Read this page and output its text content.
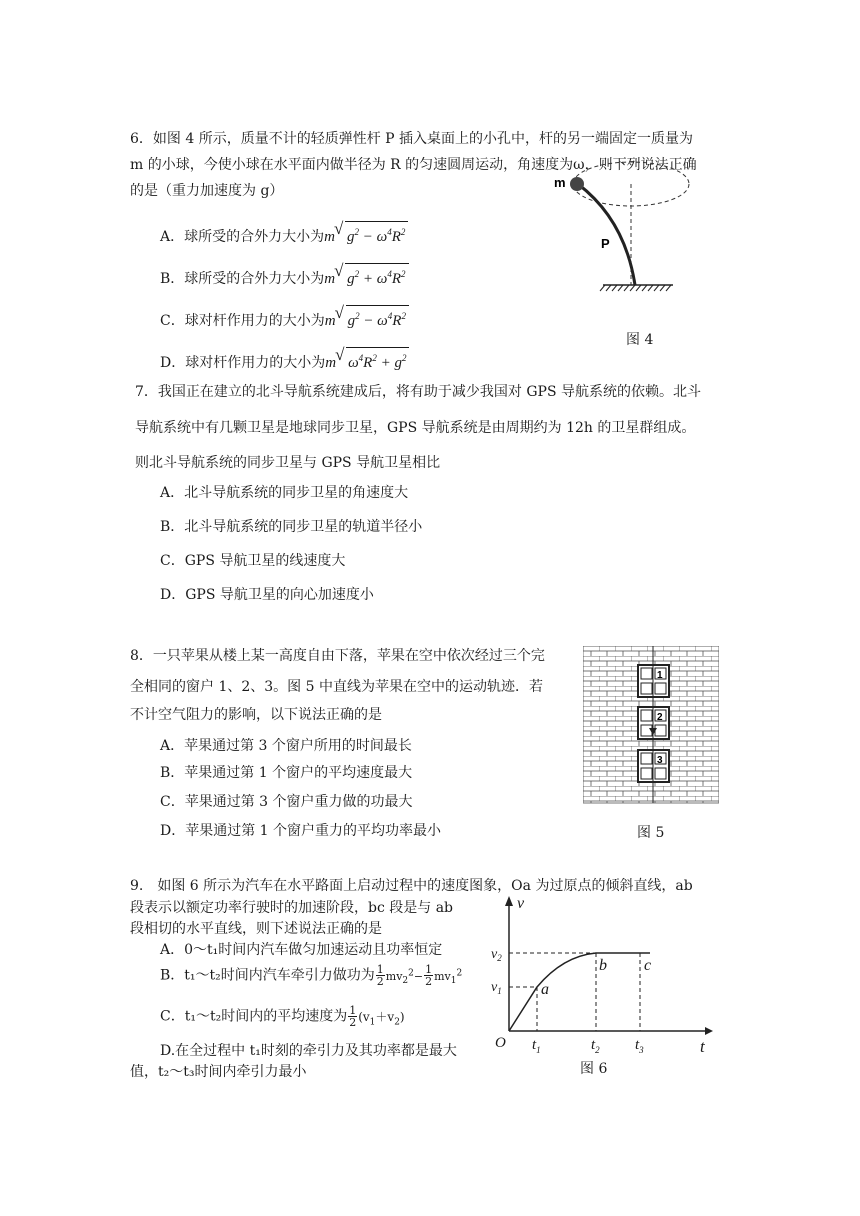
6．如图 4 所示，质量不计的轻质弹性杆 P 插入桌面上的小孔中，杆的另一端固定一质量为
m 的小球，今使小球在水平面内做半径为 R 的匀速圆周运动，角速度为ω，则下列说法正确
的是（重力加速度为 g）
A．球所受的合外力大小为m √ $g^2 - \omega^4R^2$
B．球所受的合外力大小为m √ $g^2 + \omega^4R^2$
C．球对杆作用力的大小为m √ $g^2 - \omega^4R^2$
D．球对杆作用力的大小为m √ $\omega^4R^2 + g^2$
m
P
图 4
7．我国正在建立的北斗导航系统建成后，将有助于减少我国对 GPS 导航系统的依赖。北斗
导航系统中有几颗卫星是地球同步卫星，GPS 导航系统是由周期约为 12h 的卫星群组成。
则北斗导航系统的同步卫星与 GPS 导航卫星相比
A．北斗导航系统的同步卫星的角速度大
B．北斗导航系统的同步卫星的轨道半径小
C．GPS 导航卫星的线速度大
D．GPS 导航卫星的向心加速度小
8．一只苹果从楼上某一高度自由下落，苹果在空中依次经过三个完
全相同的窗户 1、2、3。图 5 中直线为苹果在空中的运动轨迹．若
不计空气阻力的影响，以下说法正确的是
A．苹果通过第 3 个窗户所用的时间最长
B．苹果通过第 1 个窗户的平均速度最大
C．苹果通过第 3 个窗户重力做的功最大
D．苹果通过第 1 个窗户重力的平均功率最小
1
2
3
图 5
9.　如图 6 所示为汽车在水平路面上启动过程中的速度图象，Oa 为过原点的倾斜直线，ab
段表示以额定功率行驶时的加速阶段，bc 段是与 ab
段相切的水平直线，则下述说法正确的是
A．0～t₁时间内汽车做匀加速运动且功率恒定
B．t₁～t₂时间内汽车牵引力做功为 $\frac{1}{2} mv_2^2- \frac{1}{2} mv_1^2$
C．t₁～t₂时间内的平均速度为 $\frac{1}{2} (v_1+v_2)$
D.在全过程中 t₁时刻的牵引力及其功率都是最大
值，t₂～t₃时间内牵引力最小
v
t
O
$v_2$
$v_1$
$t_1$	$t_2$ $t_3$
a
b c
图 6
